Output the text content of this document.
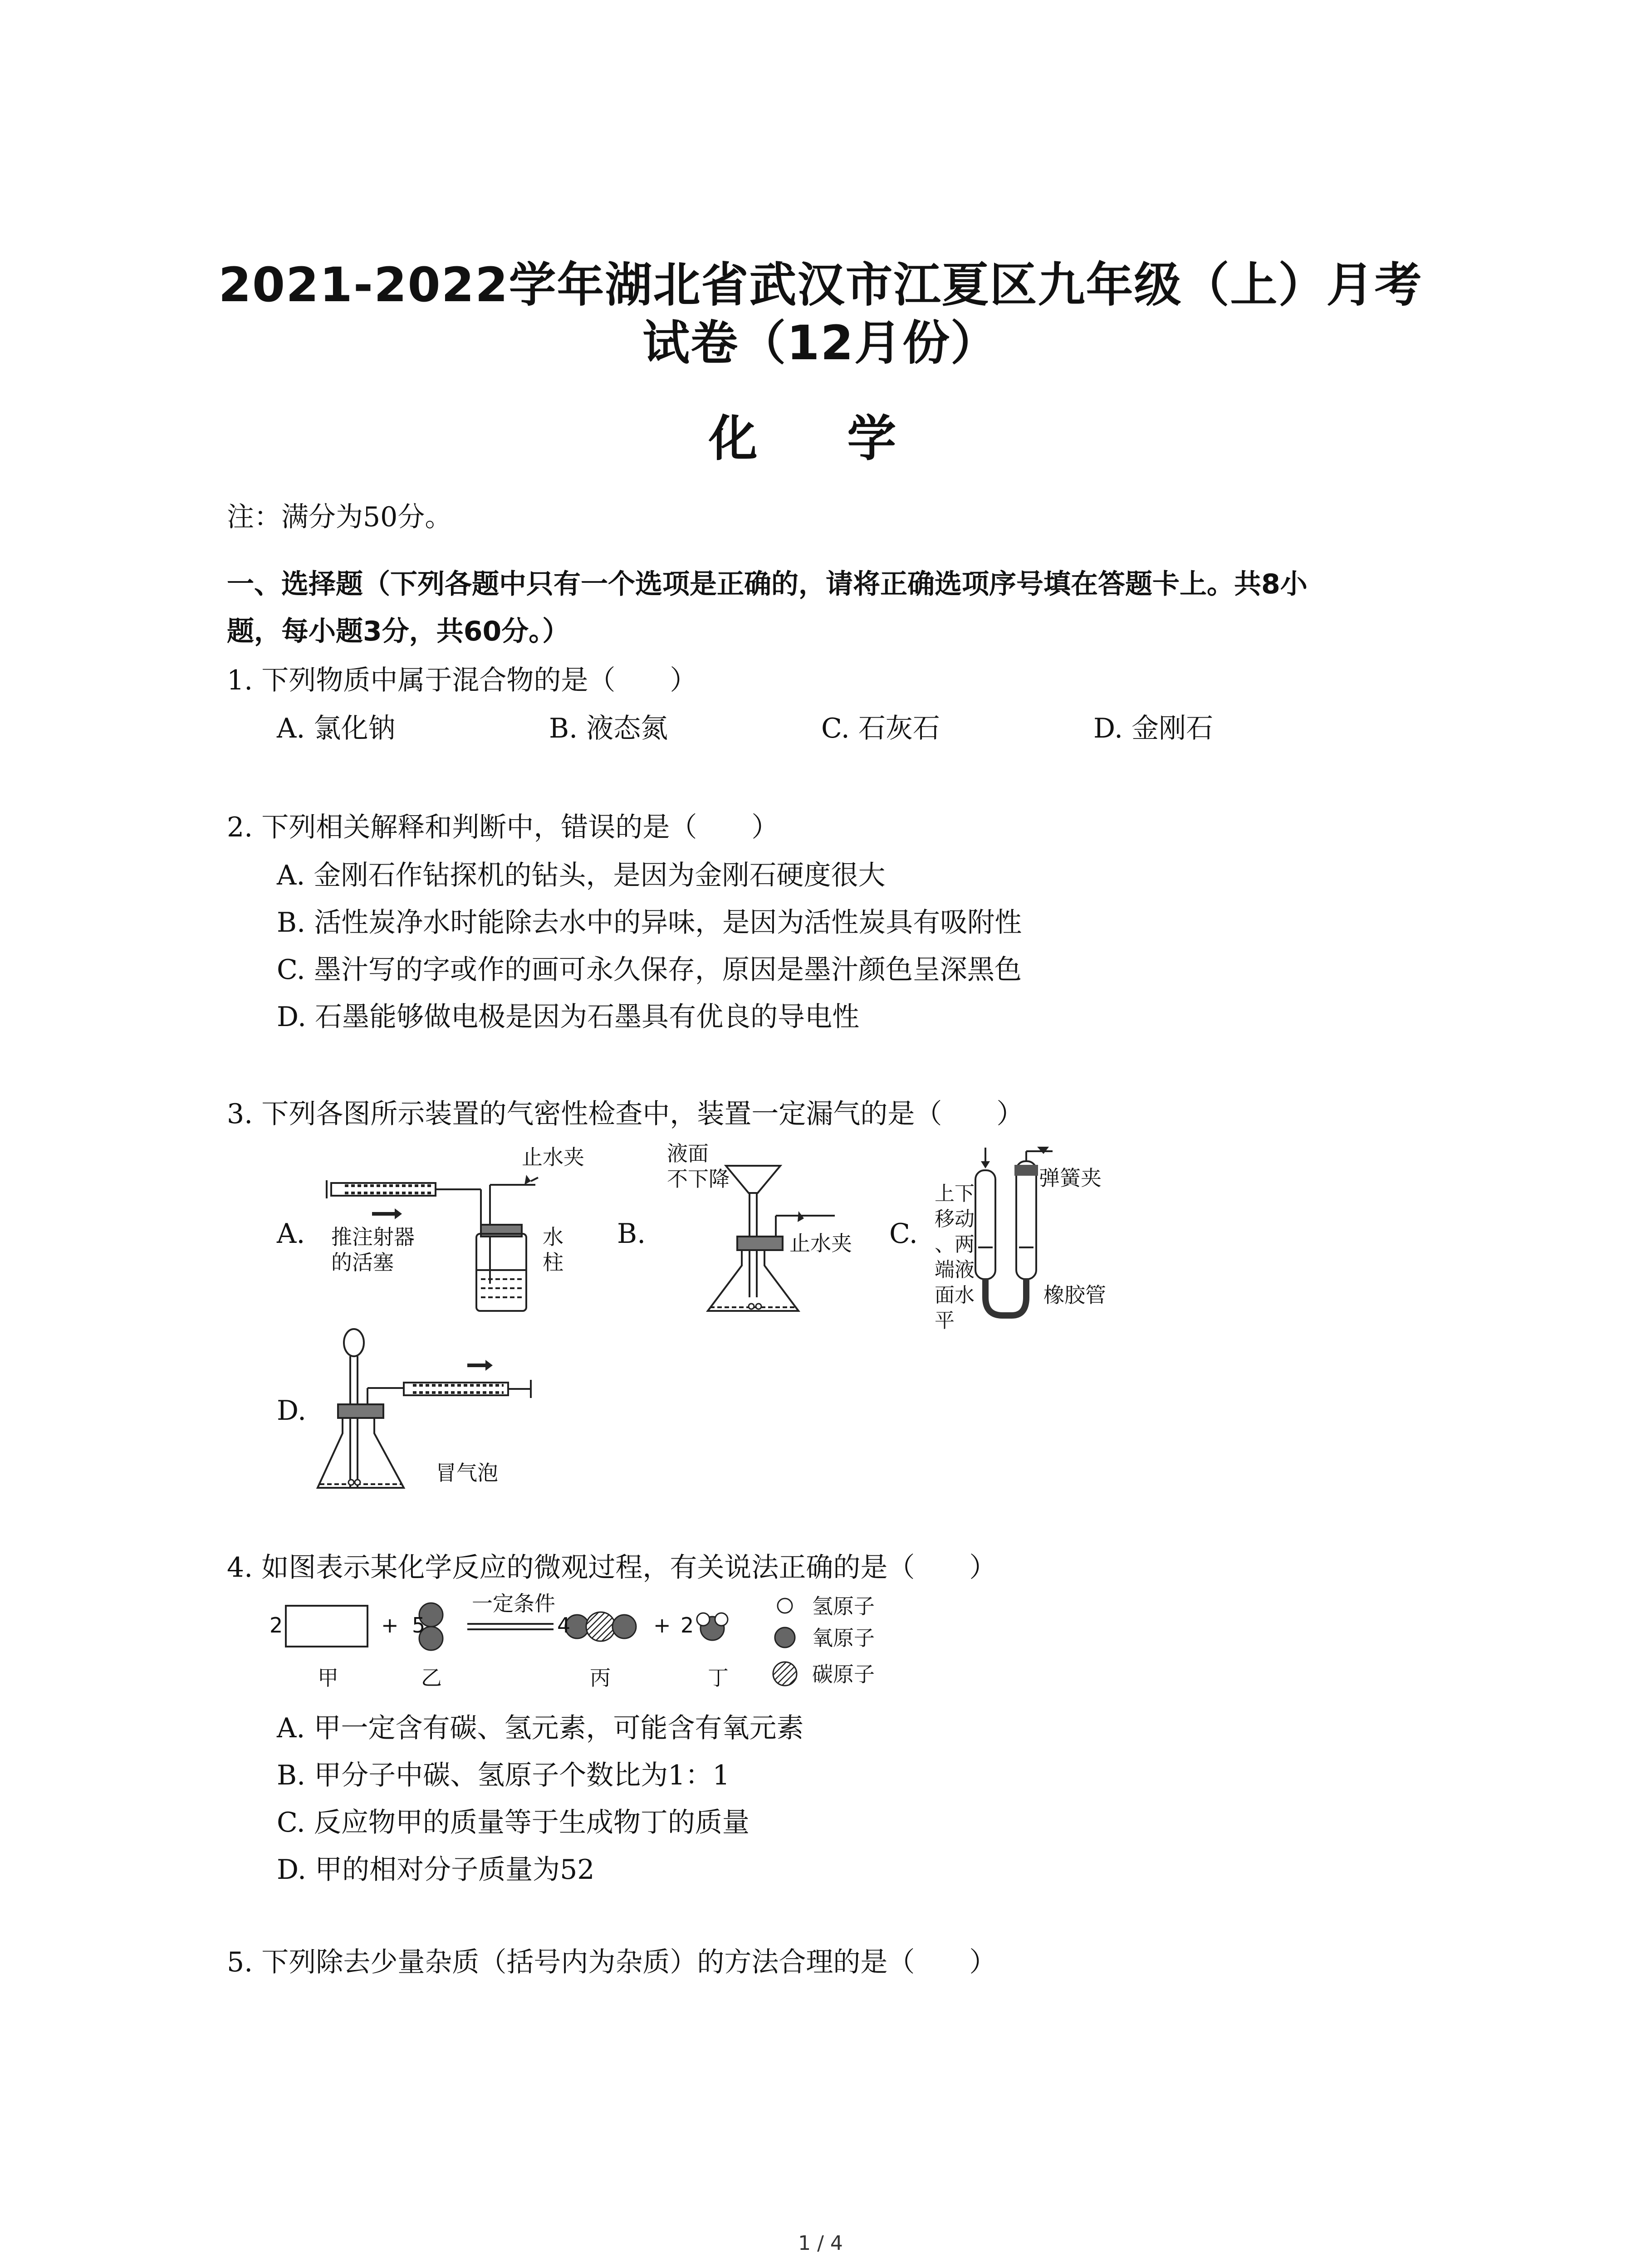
2021-2022学年湖北省武汉市江夏区九年级（上）月考
试卷（12月份）
化 学
注：满分为50分。
一、选择题（下列各题中只有一个选项是正确的，请将正确选项序号填在答题卡上。共8小
题，每小题3分，共60分。）
1. 下列物质中属于混合物的是（　　）
A. 氯化钠	B. 液态氮	C. 石灰石	D. 金刚石
2. 下列相关解释和判断中，错误的是（　　）
A. 金刚石作钻探机的钻头，是因为金刚石硬度很大
B. 活性炭净水时能除去水中的异味，是因为活性炭具有吸附性
C. 墨汁写的字或作的画可永久保存，原因是墨汁颜色呈深黑色
D. 石墨能够做电极是因为石墨具有优良的导电性
3. 下列各图所示装置的气密性检查中，装置一定漏气的是（　　）
A.	B.	C.
D.
止水夹
推注射器
的活塞
水
柱
液面
不下降
止水夹
上下
移动
、两
端液
面水
平
弹簧夹
橡胶管
冒气泡
4. 如图表示某化学反应的微观过程，有关说法正确的是（　　）
2	+ 5
一定条件
4	+ 2
甲	乙	丙	丁
氢原子
氧原子
碳原子
A. 甲一定含有碳、氢元素，可能含有氧元素
B. 甲分子中碳、氢原子个数比为1：1
C. 反应物甲的质量等于生成物丁的质量
D. 甲的相对分子质量为52
5. 下列除去少量杂质（括号内为杂质）的方法合理的是（　　）
1 / 4
